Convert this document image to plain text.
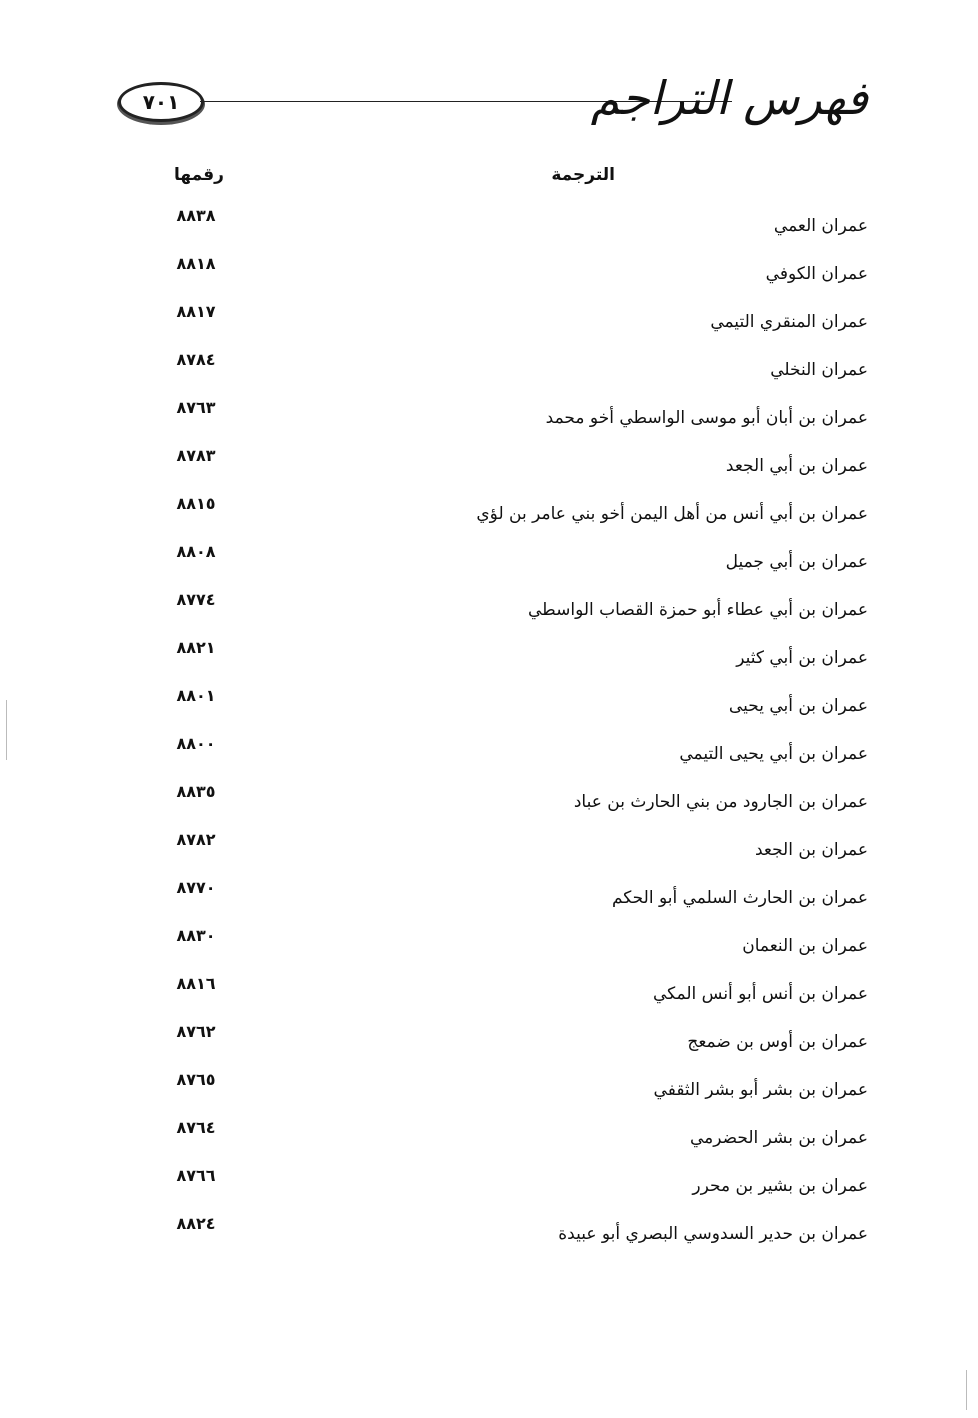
٧٠١	فهرس التراجم
الترجمة
رقمها
عمران العمي
٨٨٣٨
عمران الكوفي
٨٨١٨
عمران المنقري التيمي
٨٨١٧
عمران النخلي
٨٧٨٤
عمران بن أبان أبو موسى الواسطي أخو محمد
٨٧٦٣
عمران بن أبي الجعد
٨٧٨٣
عمران بن أبي أنس من أهل اليمن أخو بني عامر بن لؤي
٨٨١٥
عمران بن أبي جميل
٨٨٠٨
عمران بن أبي عطاء أبو حمزة القصاب الواسطي
٨٧٧٤
عمران بن أبي كثير
٨٨٢١
عمران بن أبي يحيى
٨٨٠١
عمران بن أبي يحيى التيمي
٨٨٠٠
عمران بن الجارود من بني الحارث بن عباد
٨٨٣٥
عمران بن الجعد
٨٧٨٢
عمران بن الحارث السلمي أبو الحكم
٨٧٧٠
عمران بن النعمان
٨٨٣٠
عمران بن أنس أبو أنس المكي
٨٨١٦
عمران بن أوس بن ضمعج
٨٧٦٢
عمران بن بشر أبو بشر الثقفي
٨٧٦٥
عمران بن بشر الحضرمي
٨٧٦٤
عمران بن بشير بن محرر
٨٧٦٦
عمران بن حدير السدوسي البصري أبو عبيدة
٨٨٢٤
